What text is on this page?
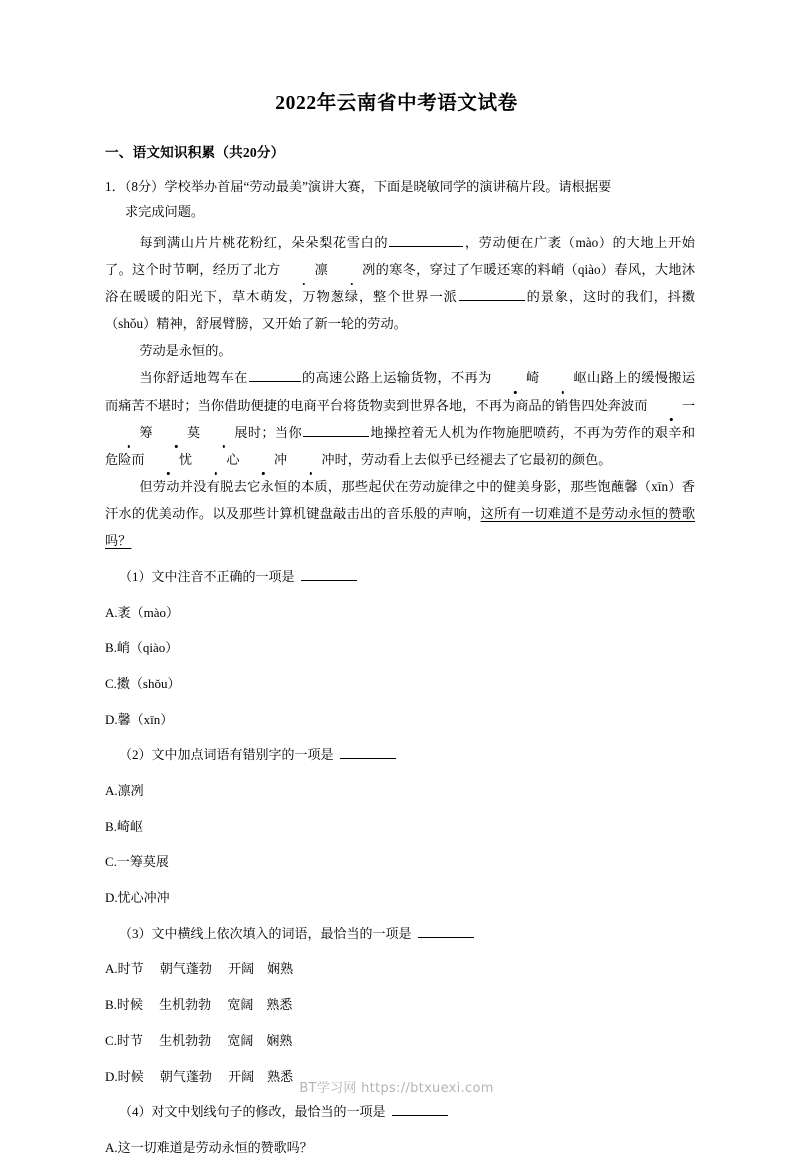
2022年云南省中考语文试卷
一、语文知识积累（共20分）
1．（8分）学校举办首届“劳动最美”演讲大赛，下面是晓敏同学的演讲稿片段。请根据要
求完成问题。

每到满山片片桃花粉红，朵朵梨花雪白的	，劳动便在广袤（mào）的大地上开始了。这个时节啊，经历了北方	凛	冽的寒冬，穿过了乍暖还寒的料峭（qiào）春风，大地沐浴在暖暖的阳光下，草木萌发，万物葱绿，整个世界一派	的景象，这时的我们，抖擞（shǒu）精神，舒展臂膀，又开始了新一轮的劳动。

劳动是永恒的。

当你舒适地驾车在	的高速公路上运输货物，不再为	崎	岖山路上的缓慢搬运而痛苦不堪时；当你借助便捷的电商平台将货物卖到世界各地，不再为商品的销售四处奔波而	一筹	莫	展时；当你	地操控着无人机为作物施肥喷药，不再为劳作的艰辛和危险而	忧	心	冲	冲时，劳动看上去似乎已经褪去了它最初的颜色。

但劳动并没有脱去它永恒的本质，那些起伏在劳动旋律之中的健美身影，那些饱蘸馨（xīn）香汗水的优美动作。以及那些计算机键盘敲击出的音乐般的声响，这所有一切难道不是劳动永恒的赞歌吗？

（1）文中注音不正确的一项是
A.袤（mào）
B.峭（qiào）
C.擞（shǒu）
D.馨（xīn）
（2）文中加点词语有错别字的一项是
A.凛冽
B.崎岖
C.一筹莫展
D.忧心冲冲
（3）文中横线上依次填入的词语，最恰当的一项是
A.时节　 朝气蓬勃　 开阔　娴熟
B.时候　 生机勃勃　 宽阔　熟悉
C.时节　 生机勃勃　 宽阔　娴熟
D.时候　 朝气蓬勃　 开阔　熟悉
（4）对文中划线句子的修改，最恰当的一项是
A.这一切难道是劳动永恒的赞歌吗？
BT学习网 https://btxuexi.com
